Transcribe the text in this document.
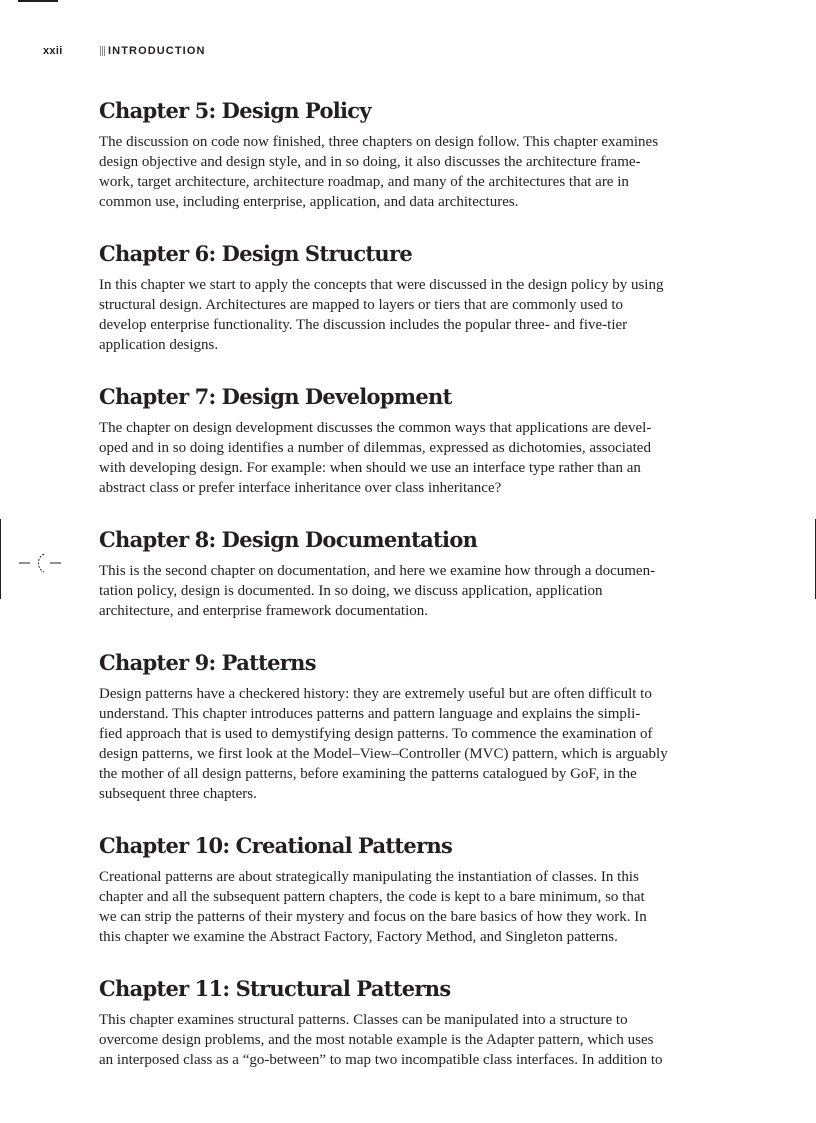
xxii	INTRODUCTION
Chapter 5: Design Policy

The discussion on code now finished, three chapters on design follow. This chapter examines
design objective and design style, and in so doing, it also discusses the architecture frame-
work, target architecture, architecture roadmap, and many of the architectures that are in
common use, including enterprise, application, and data architectures.

Chapter 6: Design Structure

In this chapter we start to apply the concepts that were discussed in the design policy by using
structural design. Architectures are mapped to layers or tiers that are commonly used to
develop enterprise functionality. The discussion includes the popular three- and five-tier
application designs.

Chapter 7: Design Development

The chapter on design development discusses the common ways that applications are devel-
oped and in so doing identifies a number of dilemmas, expressed as dichotomies, associated
with developing design. For example: when should we use an interface type rather than an
abstract class or prefer interface inheritance over class inheritance?

Chapter 8: Design Documentation

This is the second chapter on documentation, and here we examine how through a documen-
tation policy, design is documented. In so doing, we discuss application, application
architecture, and enterprise framework documentation.

Chapter 9: Patterns

Design patterns have a checkered history: they are extremely useful but are often difficult to
understand. This chapter introduces patterns and pattern language and explains the simpli-
fied approach that is used to demystifying design patterns. To commence the examination of
design patterns, we first look at the Model–View–Controller (MVC) pattern, which is arguably
the mother of all design patterns, before examining the patterns catalogued by GoF, in the
subsequent three chapters.

Chapter 10: Creational Patterns

Creational patterns are about strategically manipulating the instantiation of classes. In this
chapter and all the subsequent pattern chapters, the code is kept to a bare minimum, so that
we can strip the patterns of their mystery and focus on the bare basics of how they work. In
this chapter we examine the Abstract Factory, Factory Method, and Singleton patterns.

Chapter 11: Structural Patterns

This chapter examines structural patterns. Classes can be manipulated into a structure to
overcome design problems, and the most notable example is the Adapter pattern, which uses
an interposed class as a “go-between” to map two incompatible class interfaces. In addition to
